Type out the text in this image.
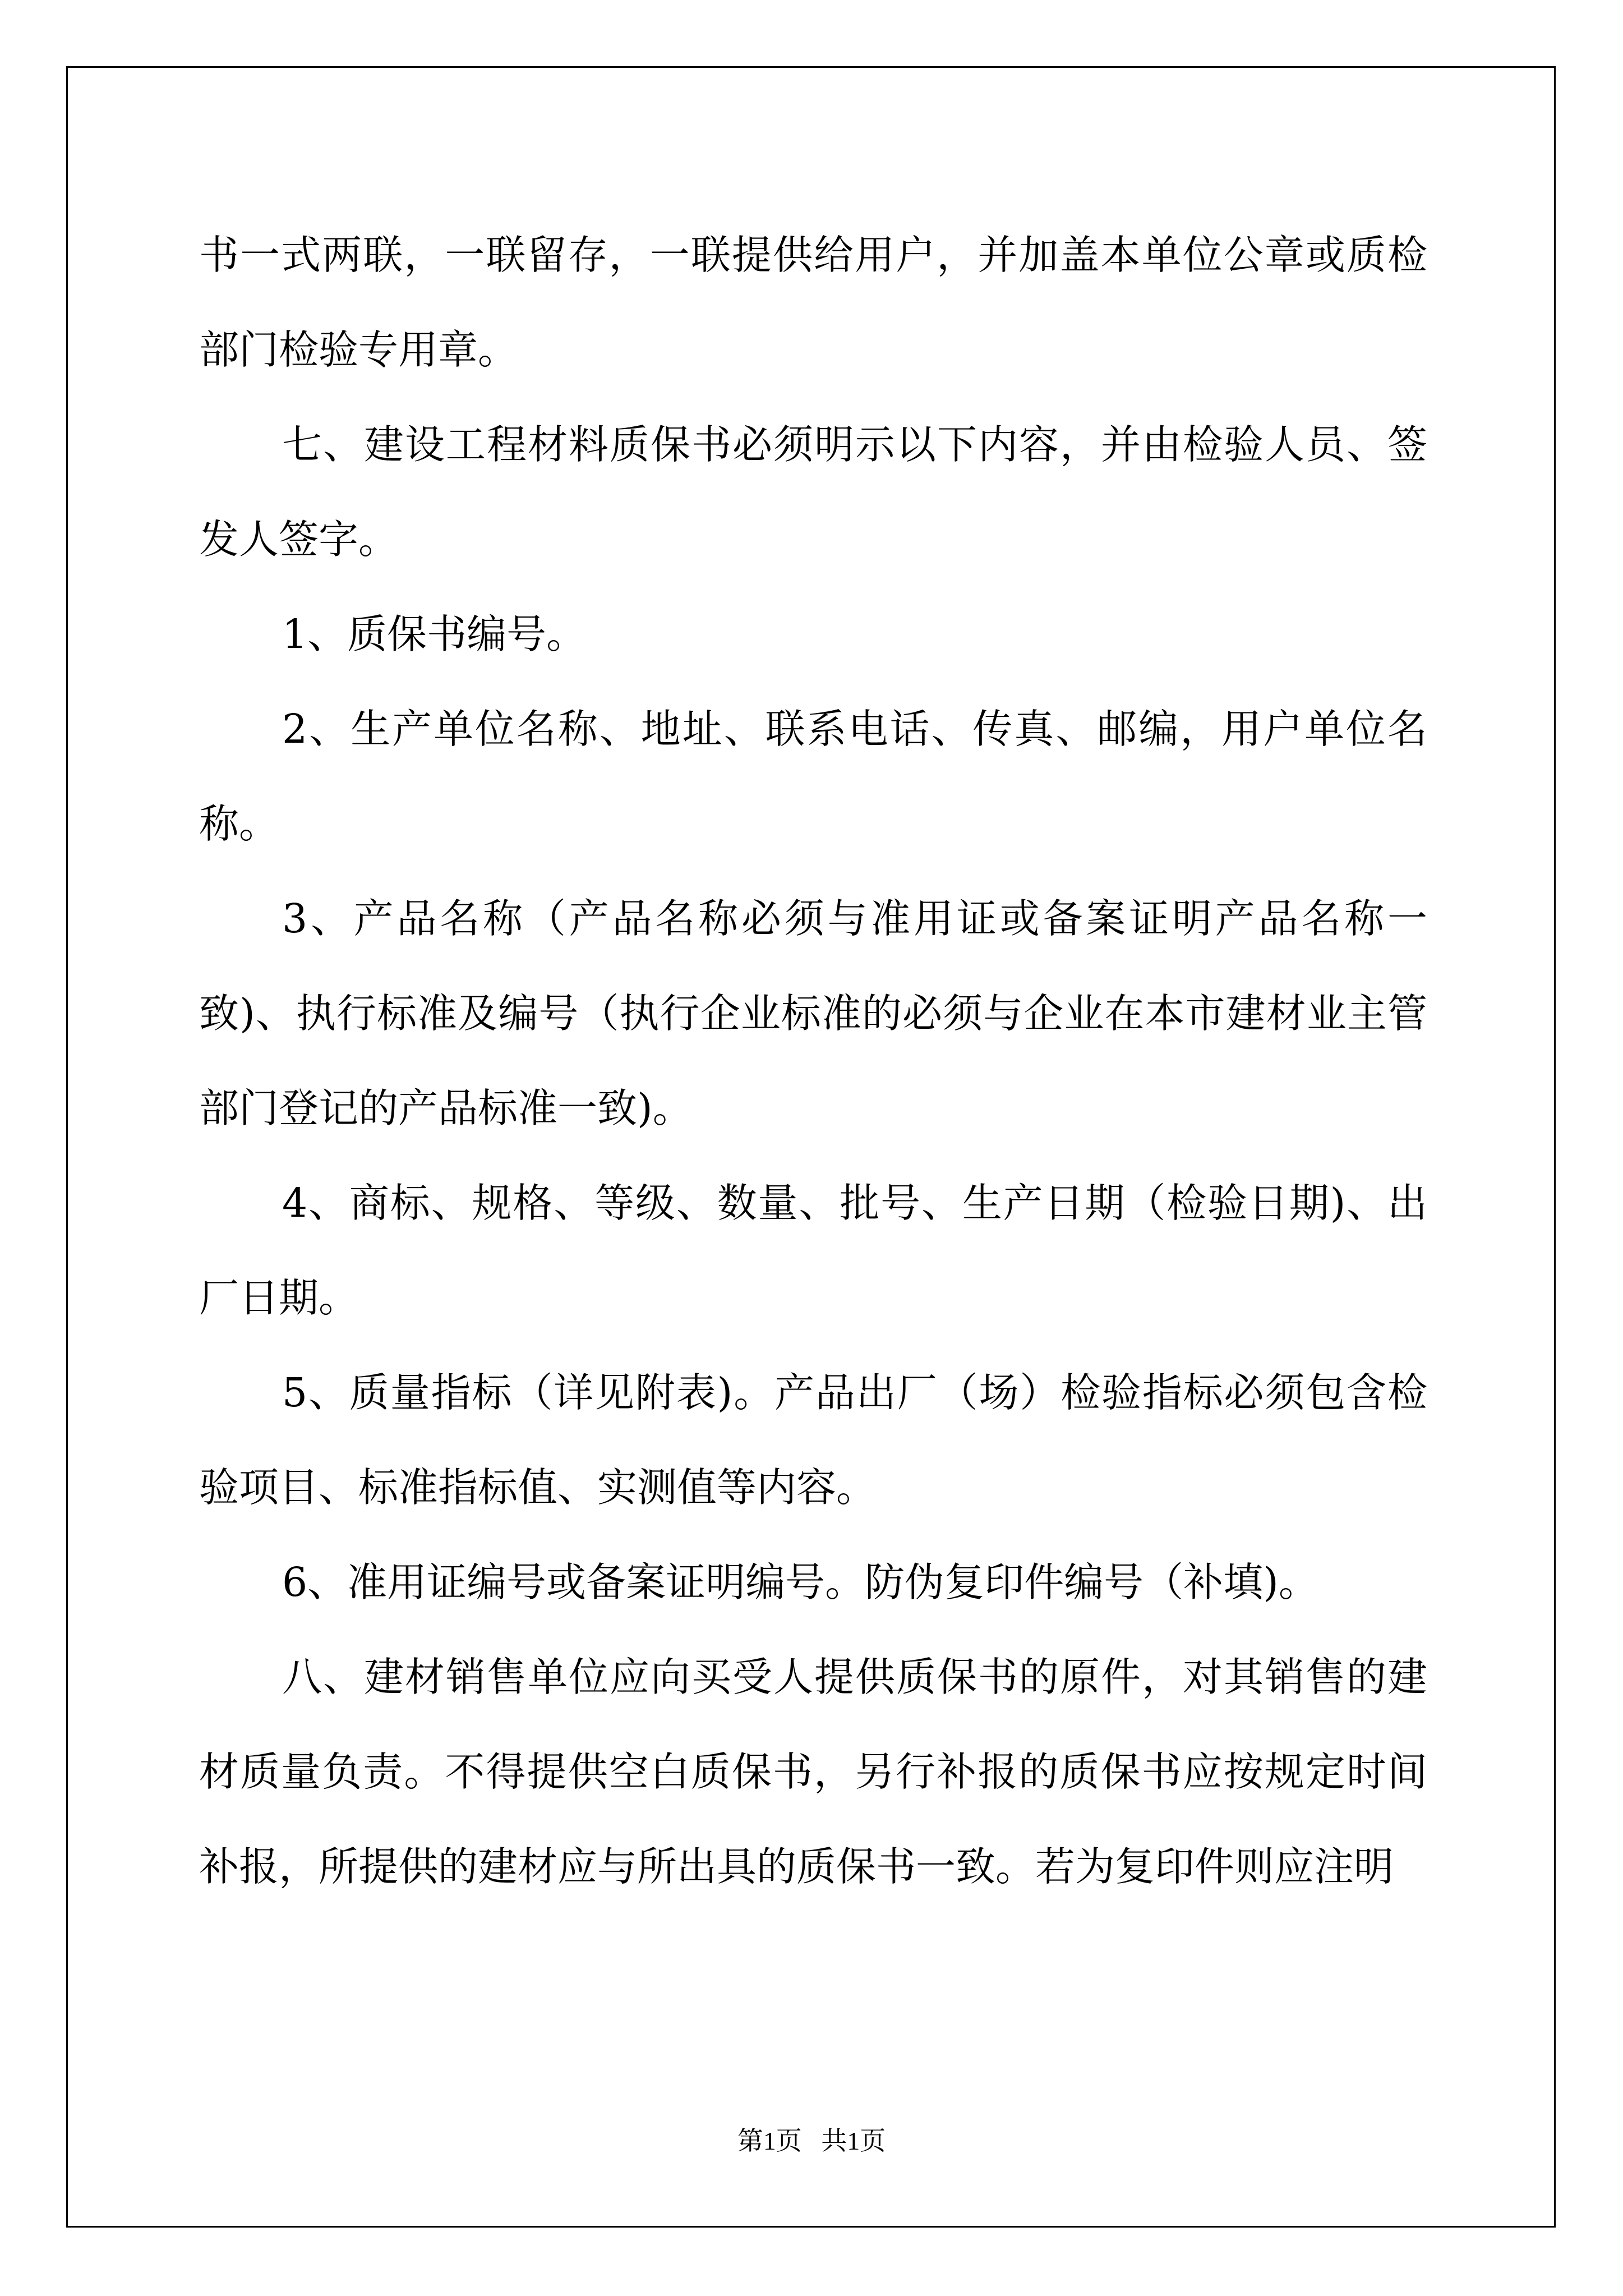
书一式两联，一联留存，一联提供给用户，并加盖本单位公章或质检部门检验专用章。

七、建设工程材料质保书必须明示以下内容，并由检验人员、签发人签字。

1、质保书编号。

2、生产单位名称、地址、联系电话、传真、邮编，用户单位名称。

3、产品名称（产品名称必须与准用证或备案证明产品名称一致)、执行标准及编号（执行企业标准的必须与企业在本市建材业主管部门登记的产品标准一致)。

4、商标、规格、等级、数量、批号、生产日期（检验日期)、出厂日期。

5、质量指标（详见附表)。产品出厂（场）检验指标必须包含检验项目、标准指标值、实测值等内容。

6、准用证编号或备案证明编号。防伪复印件编号（补填)。

八、建材销售单位应向买受人提供质保书的原件，对其销售的建材质量负责。不得提供空白质保书，另行补报的质保书应按规定时间补报，所提供的建材应与所出具的质保书一致。若为复印件则应注明

第1页 共1页
